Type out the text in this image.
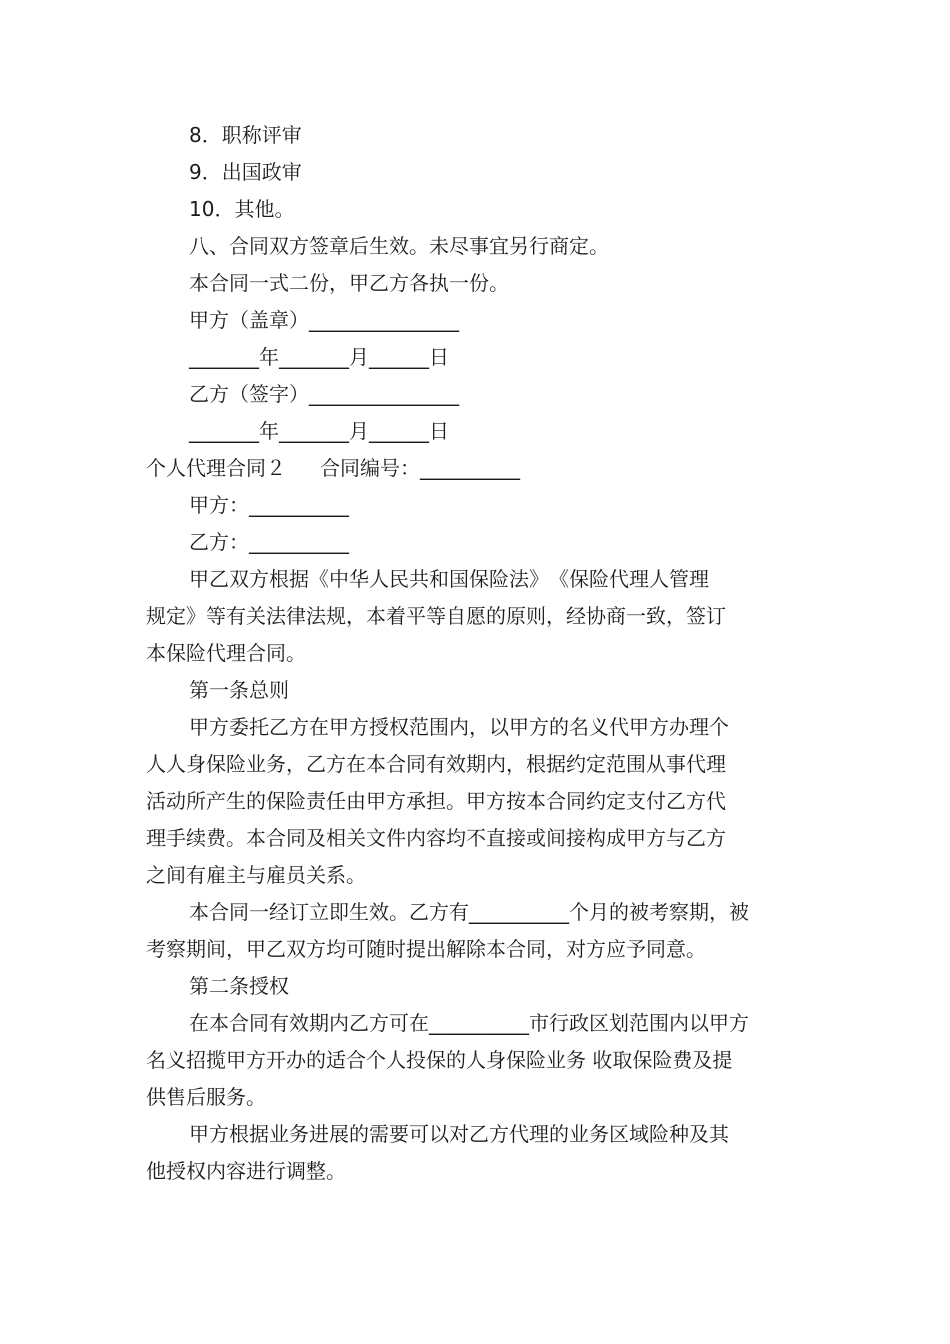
8．职称评审
9．出国政审
10．其他。
八、合同双方签章后生效。未尽事宜另行商定。
本合同一式二份，甲乙方各执一份。
甲方（盖章）_______________
_______年_______月______日
乙方（签字）_______________
_______年_______月______日
个人代理合同２ 合同编号：__________
甲方：__________
乙方：__________
甲乙双方根据《中华人民共和国保险法》　《保险代理人管理
规定》等有关法律法规，本着平等自愿的原则，经协商一致，签订
本保险代理合同。
第一条总则
甲方委托乙方在甲方授权范围内，以甲方的名义代甲方办理个
人人身保险业务，乙方在本合同有效期内，根据约定范围从事代理
活动所产生的保险责任由甲方承担。甲方按本合同约定支付乙方代
理手续费。本合同及相关文件内容均不直接或间接构成甲方与乙方
之间有雇主与雇员关系。
本合同一经订立即生效。乙方有__________个月的被考察期，被
考察期间，甲乙双方均可随时提出解除本合同，对方应予同意。
第二条授权
在本合同有效期内乙方可在__________市行政区划范围内以甲方
名义招揽甲方开办的适合个人投保的人身保险业务 收取保险费及提
供售后服务。
甲方根据业务进展的需要可以对乙方代理的业务区域险种及其
他授权内容进行调整。
